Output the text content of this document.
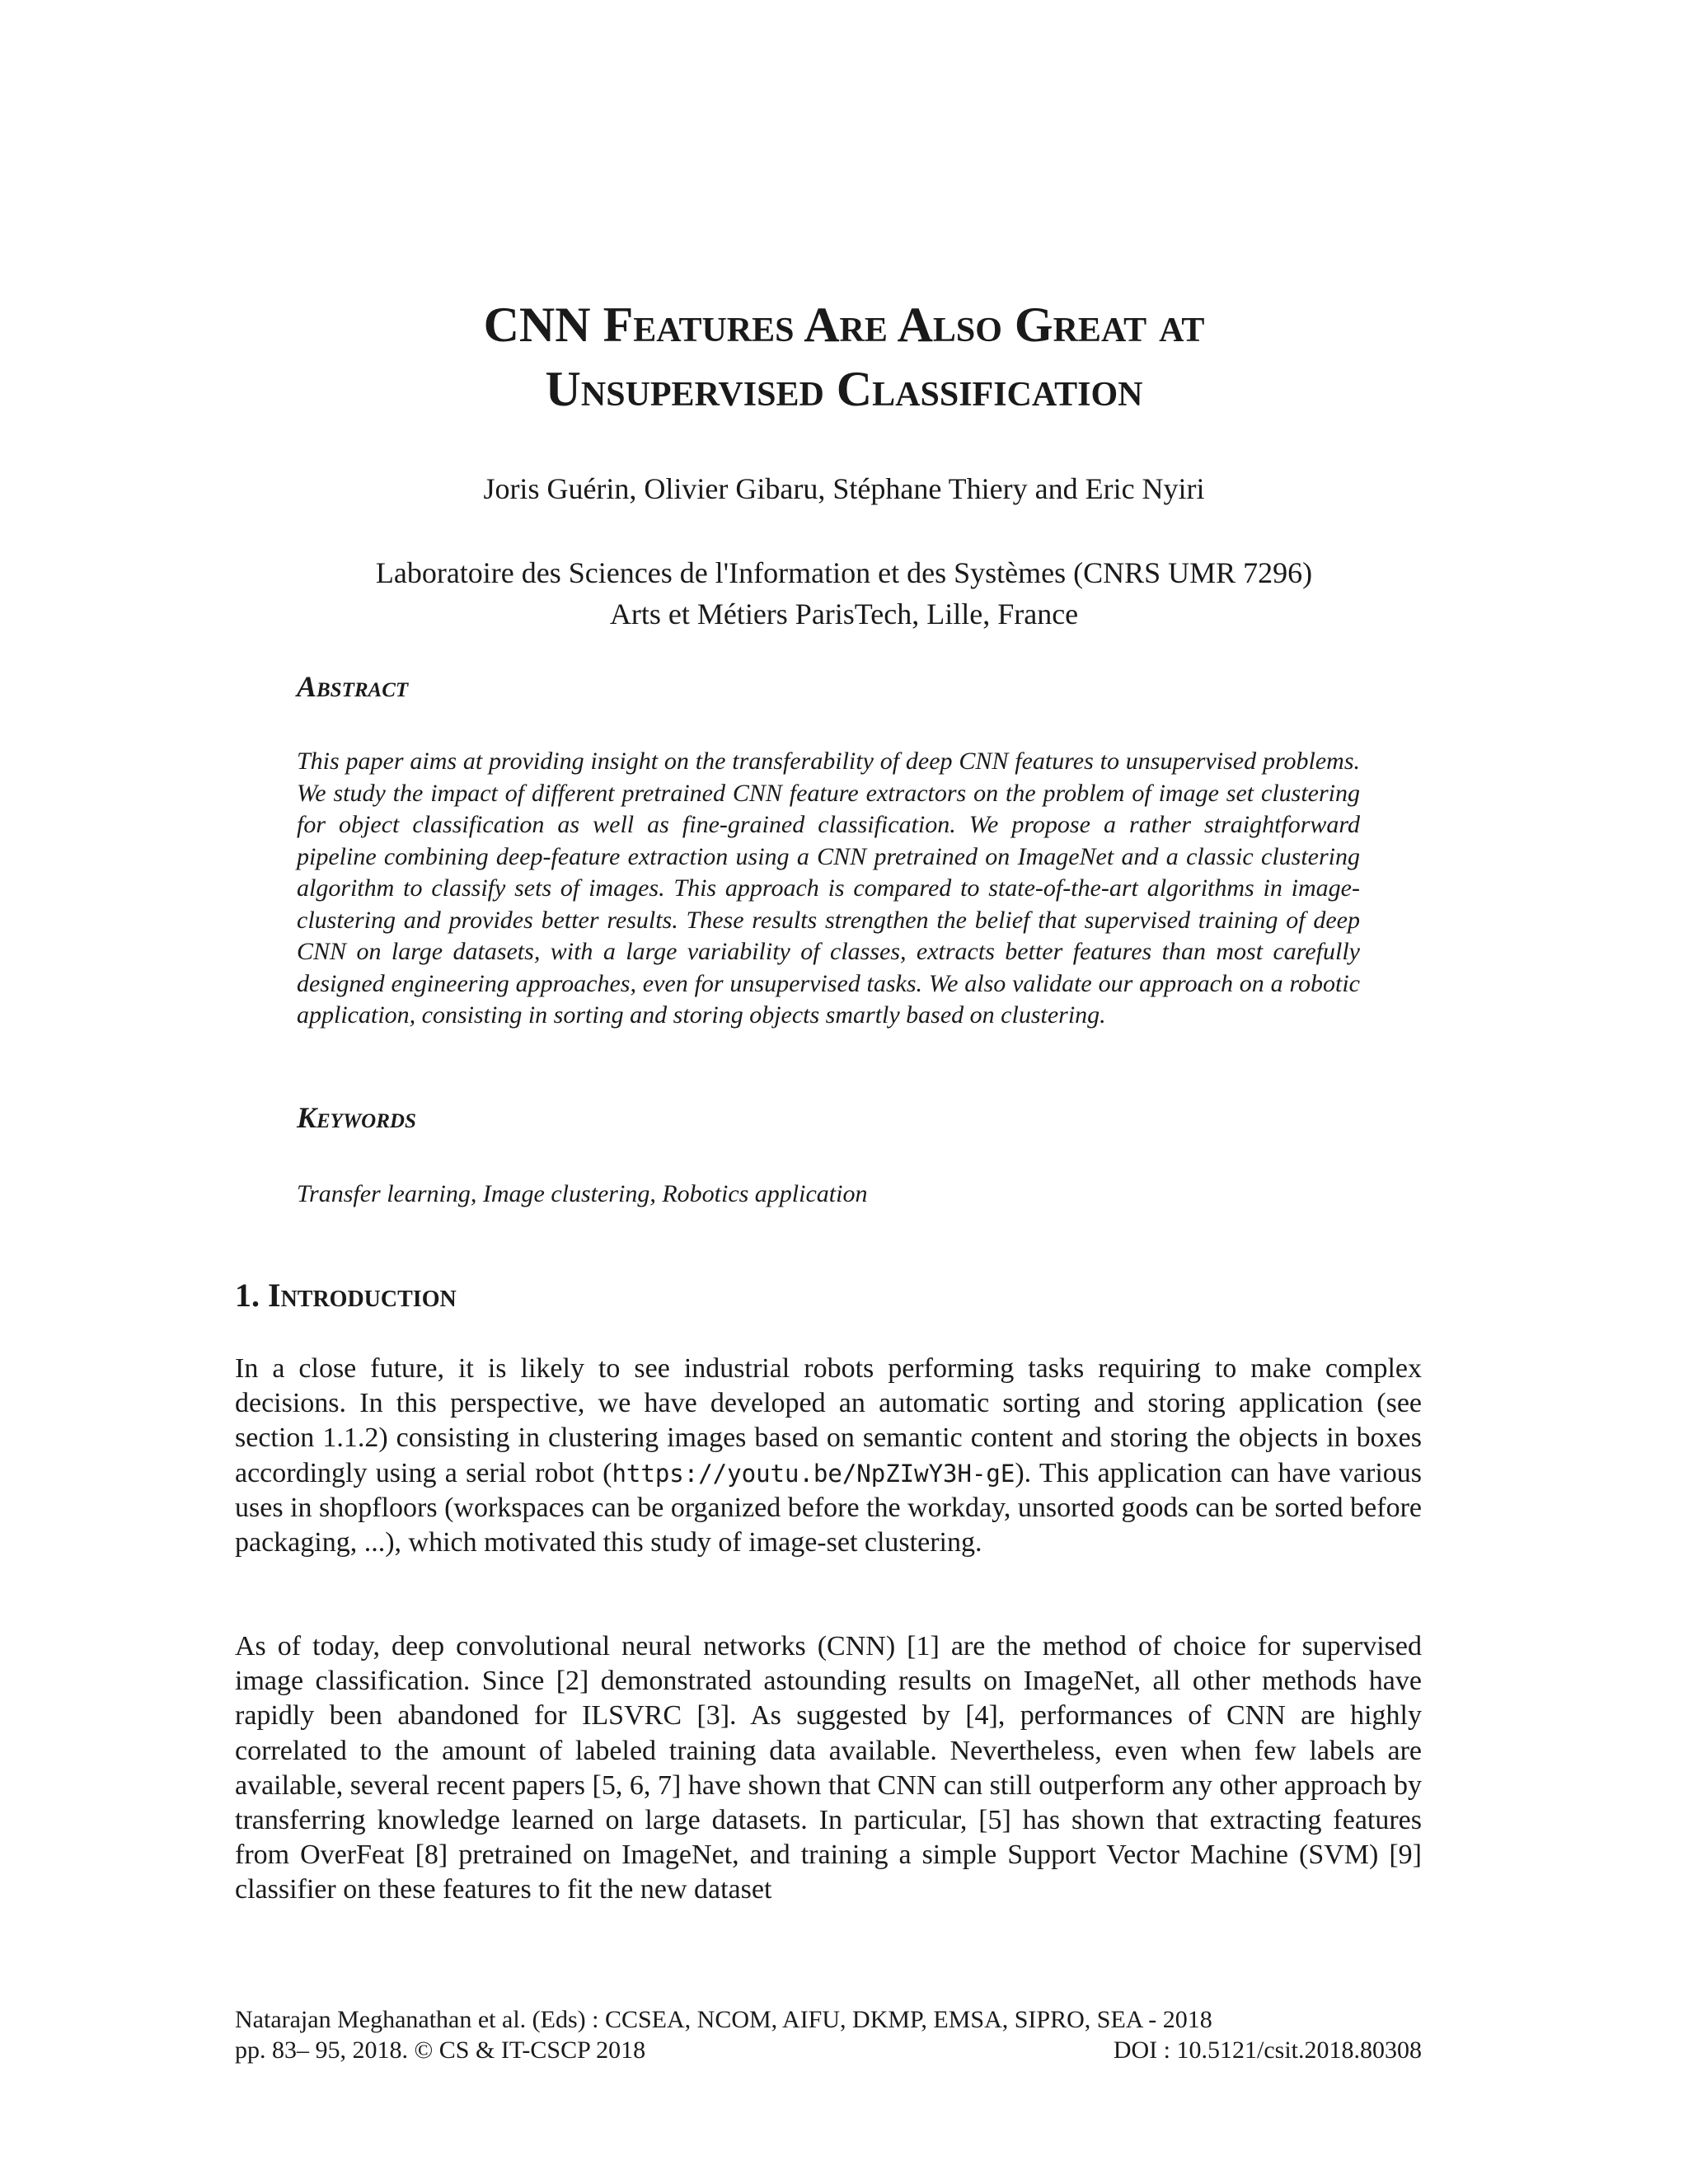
CNN Features Are Also Great at
Unsupervised Classification

Joris Guérin, Olivier Gibaru, Stéphane Thiery and Eric Nyiri

Laboratoire des Sciences de l'Information et des Systèmes (CNRS UMR 7296)
Arts et Métiers ParisTech, Lille, France

Abstract

This paper aims at providing insight on the transferability of deep CNN features to unsupervised problems. We study the impact of different pretrained CNN feature extractors on the problem of image set clustering for object classification as well as fine-grained classification. We propose a rather straightforward pipeline combining deep-feature extraction using a CNN pretrained on ImageNet and a classic clustering algorithm to classify sets of images. This approach is compared to state-of-the-art algorithms in image-clustering and provides better results. These results strengthen the belief that supervised training of deep CNN on large datasets, with a large variability of classes, extracts better features than most carefully designed engineering approaches, even for unsupervised tasks. We also validate our approach on a robotic application, consisting in sorting and storing objects smartly based on clustering.

Keywords

Transfer learning, Image clustering, Robotics application

1. Introduction

In a close future, it is likely to see industrial robots performing tasks requiring to make complex decisions. In this perspective, we have developed an automatic sorting and storing application (see section 1.1.2) consisting in clustering images based on semantic content and storing the objects in boxes accordingly using a serial robot (https://youtu.be/NpZIwY3H-gE). This application can have various uses in shopfloors (workspaces can be organized before the workday, unsorted goods can be sorted before packaging, ...), which motivated this study of image-set clustering.

As of today, deep convolutional neural networks (CNN) [1] are the method of choice for supervised image classification. Since [2] demonstrated astounding results on ImageNet, all other methods have rapidly been abandoned for ILSVRC [3]. As suggested by [4], performances of CNN are highly correlated to the amount of labeled training data available. Nevertheless, even when few labels are available, several recent papers [5, 6, 7] have shown that CNN can still outperform any other approach by transferring knowledge learned on large datasets. In particular, [5] has shown that extracting features from OverFeat [8] pretrained on ImageNet, and training a simple Support Vector Machine (SVM) [9] classifier on these features to fit the new dataset

Natarajan Meghanathan et al. (Eds) : CCSEA, NCOM, AIFU, DKMP, EMSA, SIPRO, SEA - 2018
pp. 83– 95, 2018. © CS & IT-CSCP 2018	DOI : 10.5121/csit.2018.80308
